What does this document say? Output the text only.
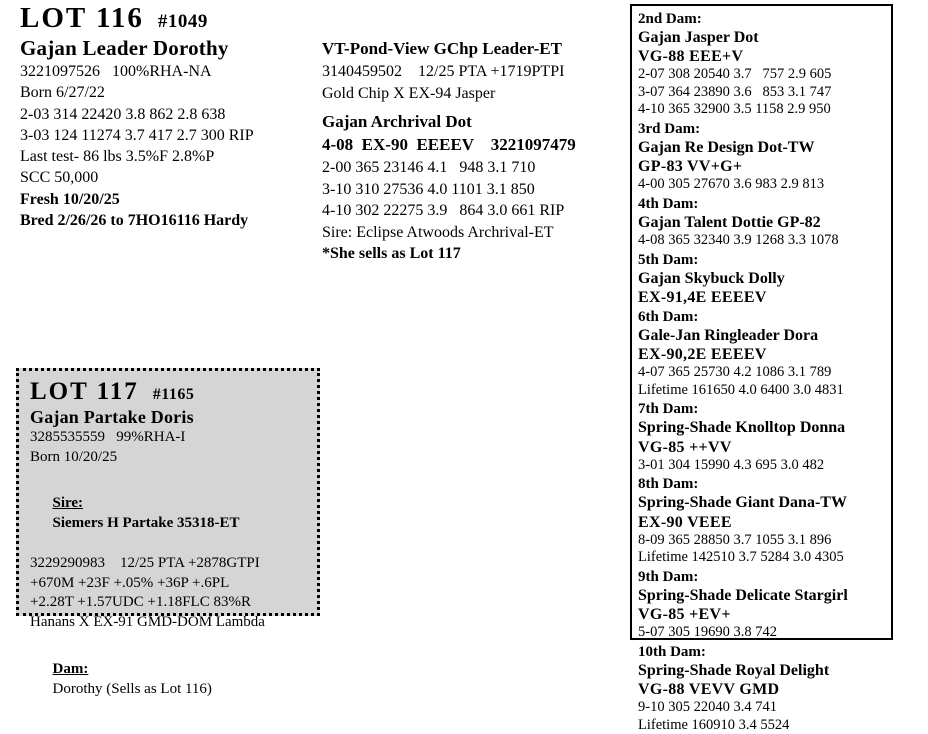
LOT 116 #1049
Gajan Leader Dorothy
3221097526   100%RHA-NA
Born 6/27/22
2-03 314 22420 3.8 862 2.8 638
3-03 124 11274 3.7 417 2.7 300 RIP
Last test- 86 lbs 3.5%F 2.8%P
SCC 50,000
Fresh 10/20/25
Bred 2/26/26 to 7HO16116 Hardy
VT-Pond-View GChp Leader-ET
3140459502    12/25 PTA +1719PTPI
Gold Chip X EX-94 Jasper
Gajan Archrival Dot
4-08  EX-90  EEEEV    3221097479
2-00 365 23146 4.1   948 3.1 710
3-10 310 27536 4.0 1101 3.1 850
4-10 302 22275 3.9   864 3.0 661 RIP
Sire: Eclipse Atwoods Archrival-ET
*She sells as Lot 117
LOT 117 #1165
Gajan Partake Doris
3285535559   99%RHA-I
Born 10/20/25

Sire:
Siemers H Partake 35318-ET

3229290983    12/25 PTA +2878GTPI
+670M +23F +.05% +36P +.6PL
+2.28T +1.57UDC +1.18FLC 83%R
Hanans X EX-91 GMD-DOM Lambda

Dam:
Dorothy (Sells as Lot 116)

2nd Dam:
Gajan Jasper Dot
VG-88 EEE+V
2-07 308 20540 3.7   757 2.9 605
3-07 364 23890 3.6   853 3.1 747
4-10 365 32900 3.5 1158 2.9 950
3rd Dam:
Gajan Re Design Dot-TW
GP-83 VV+G+
4-00 305 27670 3.6 983 2.9 813
4th Dam:
Gajan Talent Dottie GP-82
4-08 365 32340 3.9 1268 3.3 1078
5th Dam:
Gajan Skybuck Dolly
EX-91,4E EEEEV
6th Dam:
Gale-Jan Ringleader Dora
EX-90,2E EEEEV
4-07 365 25730 4.2 1086 3.1 789
Lifetime 161650 4.0 6400 3.0 4831
7th Dam:
Spring-Shade Knolltop Donna
VG-85 ++VV
3-01 304 15990 4.3 695 3.0 482
8th Dam:
Spring-Shade Giant Dana-TW
EX-90 VEEE
8-09 365 28850 3.7 1055 3.1 896
Lifetime 142510 3.7 5284 3.0 4305
9th Dam:
Spring-Shade Delicate Stargirl
VG-85 +EV+
5-07 305 19690 3.8 742
10th Dam:
Spring-Shade Royal Delight
VG-88 VEVV GMD
9-10 305 22040 3.4 741
Lifetime 160910 3.4 5524
